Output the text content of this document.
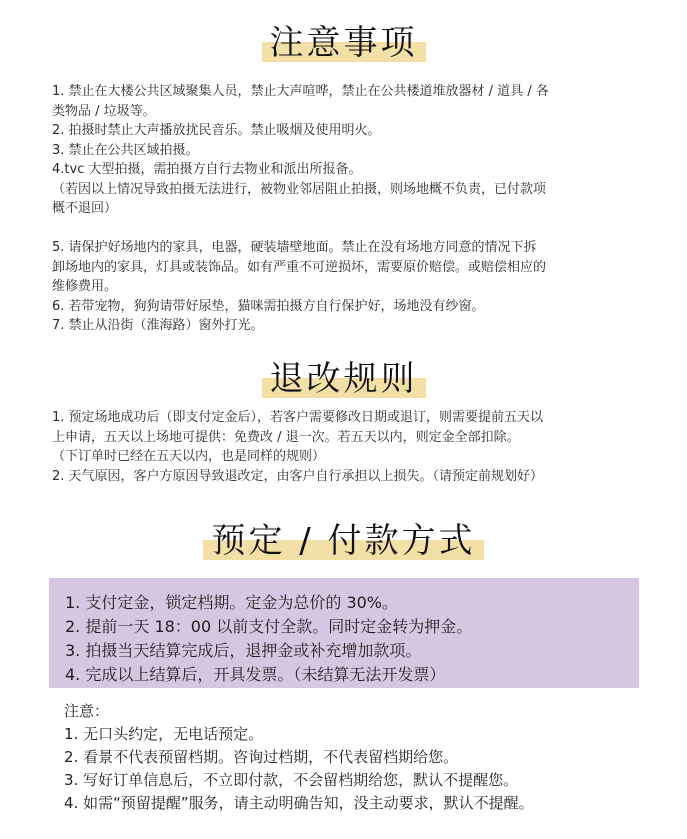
注意事项

1. 禁止在大楼公共区域聚集人员，禁止大声喧哗，禁止在公共楼道堆放器材 / 道具 / 各

类物品 / 垃圾等。

2. 拍摄时禁止大声播放扰民音乐。禁止吸烟及使用明火。

3. 禁止在公共区域拍摄。

4.tvc 大型拍摄，需拍摄方自行去物业和派出所报备。

（若因以上情况导致拍摄无法进行，被物业邻居阻止拍摄，则场地概不负责，已付款项

概不退回）

5. 请保护好场地内的家具，电器，硬装墙壁地面。禁止在没有场地方同意的情况下拆

卸场地内的家具，灯具或装饰品。如有严重不可逆损坏，需要原价赔偿。或赔偿相应的

维修费用。

6. 若带宠物，狗狗请带好尿垫，猫咪需拍摄方自行保护好，场地没有纱窗。

7. 禁止从沿街（淮海路）窗外打光。

退改规则

1. 预定场地成功后（即支付定金后），若客户需要修改日期或退订，则需要提前五天以

上申请，五天以上场地可提供：免费改 / 退一次。若五天以内，则定金全部扣除。

（下订单时已经在五天以内，也是同样的规则）

2. 天气原因，客户方原因导致退改定，由客户自行承担以上损失。（请预定前规划好）

预定 / 付款方式
1. 支付定金，锁定档期。定金为总价的 30%。
2. 提前一天 18：00 以前支付全款。同时定金转为押金。
3. 拍摄当天结算完成后，退押金或补充增加款项。
4. 完成以上结算后，开具发票。（未结算无法开发票）
注意：
1. 无口头约定，无电话预定。
2. 看景不代表预留档期。咨询过档期，不代表留档期给您。
3. 写好订单信息后，不立即付款，不会留档期给您，默认不提醒您。
4. 如需“预留提醒”服务，请主动明确告知，没主动要求，默认不提醒。
